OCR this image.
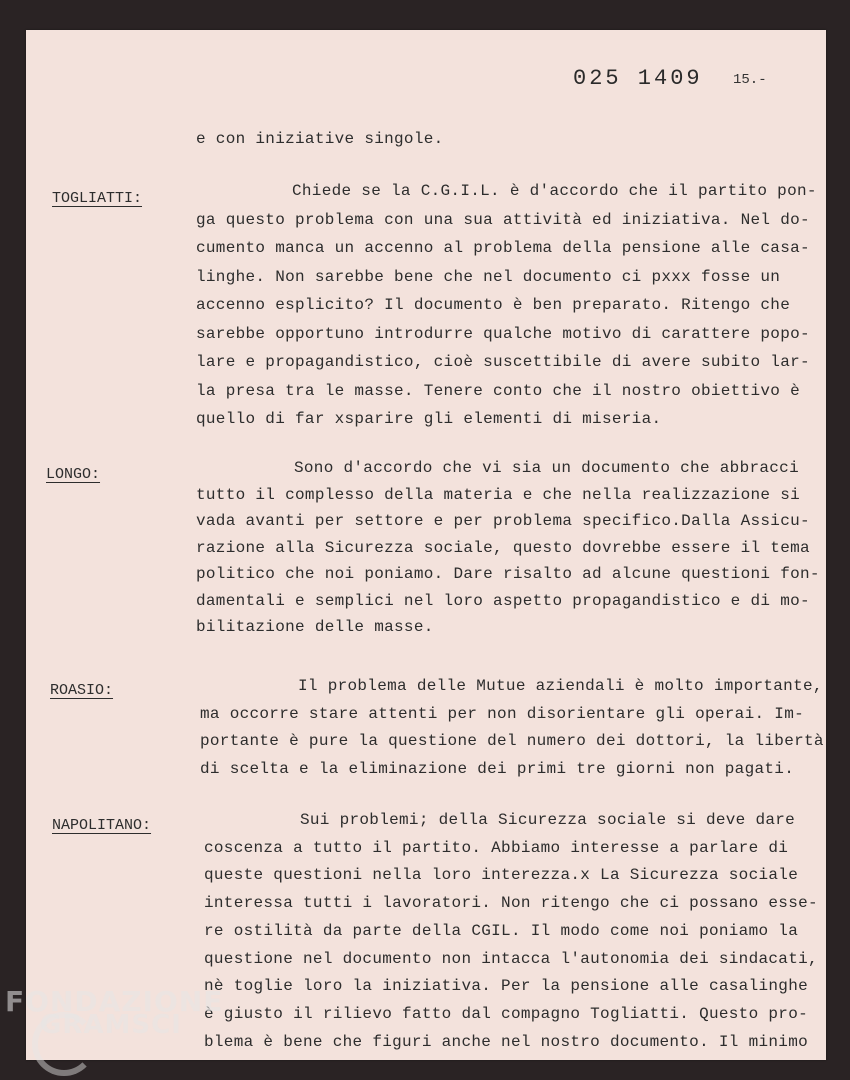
025 1409 15.-
e con iniziative singole.
TOGLIATTI:	Chiede se la C.G.I.L. è d'accordo che il partito pon-
ga questo problema con una sua attività ed iniziativa. Nel do-
cumento manca un accenno al problema della pensione alle casa-
linghe. Non sarebbe bene che nel documento ci pxxx fosse un
accenno esplicito? Il documento è ben preparato. Ritengo che
sarebbe opportuno introdurre qualche motivo di carattere popo-
lare e propagandistico, cioè suscettibile di avere subito lar-
la presa tra le masse. Tenere conto che il nostro obiettivo è
quello di far xsparire gli elementi di miseria.
LONGO:	Sono d'accordo che vi sia un documento che abbracci
tutto il complesso della materia e che nella realizzazione si
vada avanti per settore e per problema specifico.Dalla Assicu-
razione alla Sicurezza sociale, questo dovrebbe essere il tema
politico che noi poniamo. Dare risalto ad alcune questioni fon-
damentali e semplici nel loro aspetto propagandistico e di mo-
bilitazione delle masse.
ROASIO:	Il problema delle Mutue aziendali è molto importante,
ma occorre stare attenti per non disorientare gli operai. Im-
portante è pure la questione del numero dei dottori, la libertà
di scelta e la eliminazione dei primi tre giorni non pagati.
NAPOLITANO:	Sui problemi; della Sicurezza sociale si deve dare
coscenza a tutto il partito. Abbiamo interesse a parlare di
queste questioni nella loro interezza.x La Sicurezza sociale
interessa tutti i lavoratori. Non ritengo che ci possano esse-
re ostilità da parte della CGIL. Il modo come noi poniamo la
questione nel documento non intacca l'autonomia dei sindacati,
nè toglie loro la iniziativa. Per la pensione alle casalinghe
è giusto il rilievo fatto dal compagno Togliatti. Questo pro-
blema è bene che figuri anche nel nostro documento. Il minimo
FONDAZIONE
GRAMSCI
